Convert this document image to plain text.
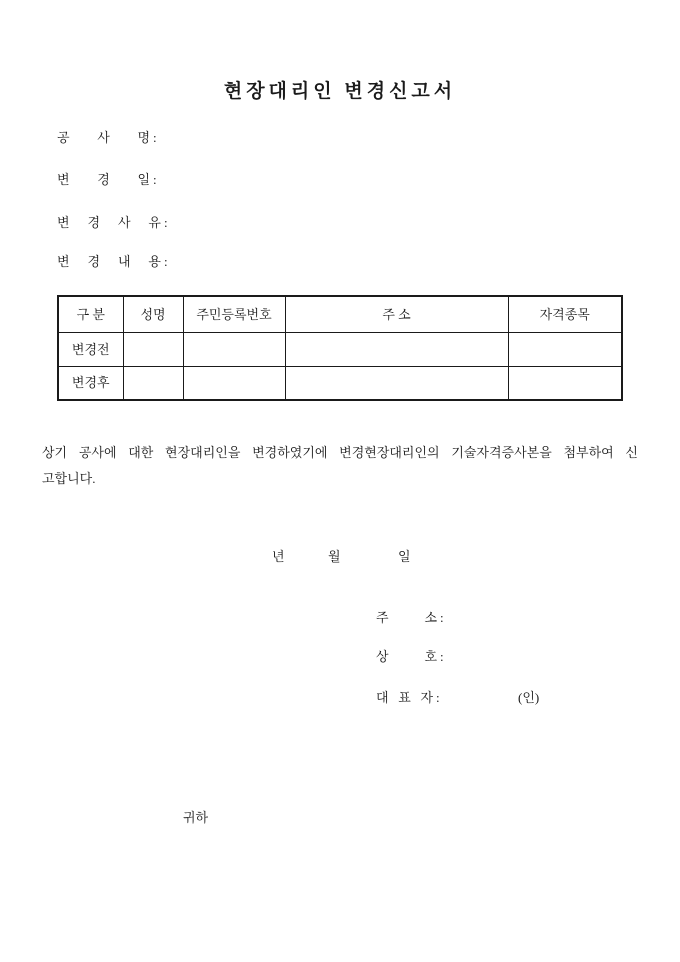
현장대리인 변경신고서
공 사 명 :
변 경 일 :
변 경 사 유 :
변 경 내 용 :
구 분	성명	주민등록번호	주 소	자격종목
변경전				
변경후				
상기 공사에 대한 현장대리인을 변경하였기에 변경현장대리인의 기술자격증사본을 첨부하여 신
고합니다.
년	월	일
주	소 :
상	호 :
대 표 자 :	(인)
귀하
